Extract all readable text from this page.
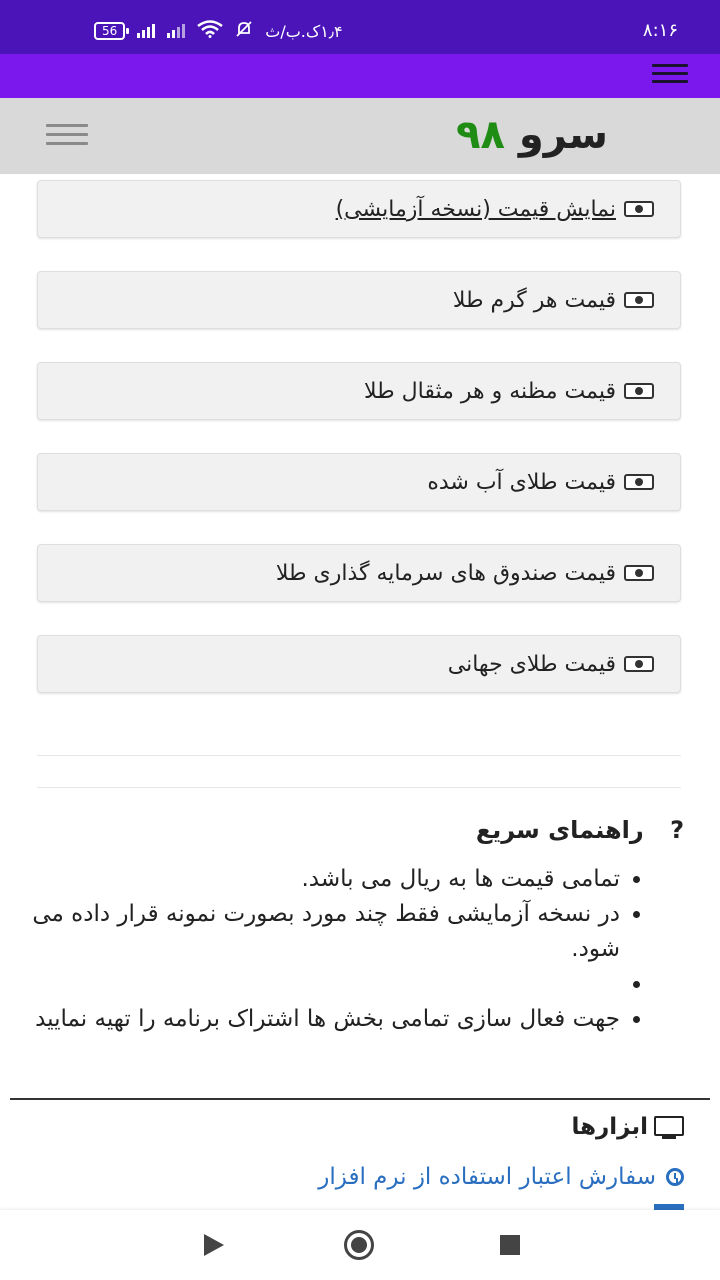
56	۱٫۴ک.ب/ث	۸:۱۶
سرو ۹۸
نمایش قیمت (نسخه آزمایشی)
قیمت هر گرم طلا
قیمت مظنه و هر مثقال طلا
قیمت طلای آب شده
قیمت صندوق های سرمایه گذاری طلا
قیمت طلای جهانی
? راهنمای سریع
• تمامی قیمت ها به ریال می باشد.
• در نسخه آزمایشی فقط چند مورد بصورت نمونه قرار داده می شود.
•
• جهت فعال سازی تمامی بخش ها اشتراک برنامه را تهیه نمایید
ابزارها
سفارش اعتبار استفاده از نرم افزار
